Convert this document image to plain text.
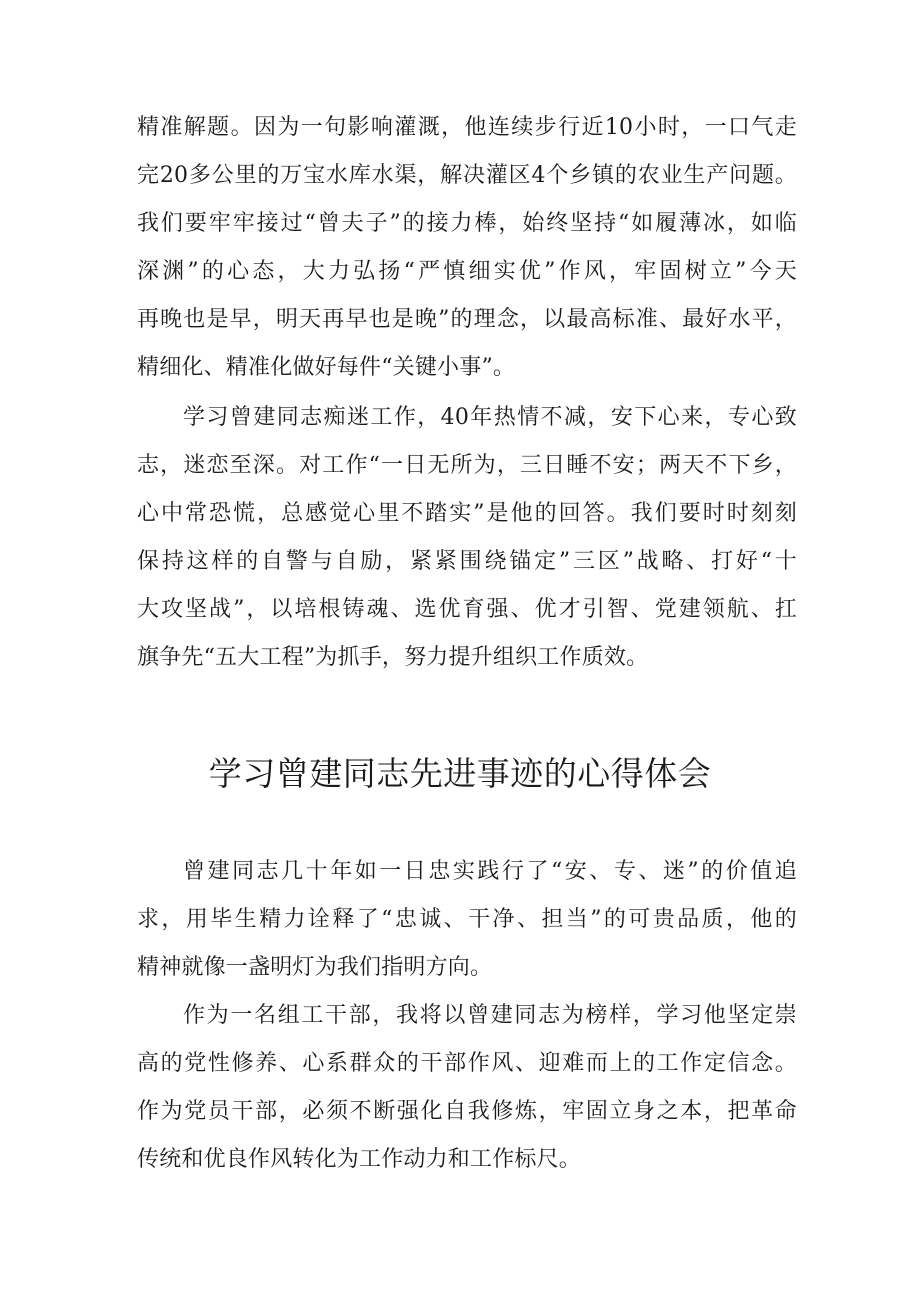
精准解题。因为一句影响灌溉，他连续步行近10小时，一口气走
完20多公里的万宝水库水渠，解决灌区4个乡镇的农业生产问题。
我们要牢牢接过“曾夫子”的接力棒，始终坚持“如履薄冰，如临
深渊”的心态，大力弘扬“严慎细实优”作风，牢固树立”今天
再晚也是早，明天再早也是晚”的理念，以最高标准、最好水平，
精细化、精准化做好每件“关键小事”。
学习曾建同志痴迷工作，40年热情不减，安下心来，专心致
志，迷恋至深。对工作“一日无所为，三日睡不安；两天不下乡，
心中常恐慌，总感觉心里不踏实”是他的回答。我们要时时刻刻
保持这样的自警与自励，紧紧围绕锚定”三区”战略、打好“十
大攻坚战”，以培根铸魂、选优育强、优才引智、党建领航、扛
旗争先“五大工程”为抓手，努力提升组织工作质效。
学习曾建同志先进事迹的心得体会
曾建同志几十年如一日忠实践行了“安、专、迷”的价值追
求，用毕生精力诠释了“忠诚、干净、担当”的可贵品质，他的
精神就像一盏明灯为我们指明方向。
作为一名组工干部，我将以曾建同志为榜样，学习他坚定崇
高的党性修养、心系群众的干部作风、迎难而上的工作定信念。
作为党员干部，必须不断强化自我修炼，牢固立身之本，把革命
传统和优良作风转化为工作动力和工作标尺。
